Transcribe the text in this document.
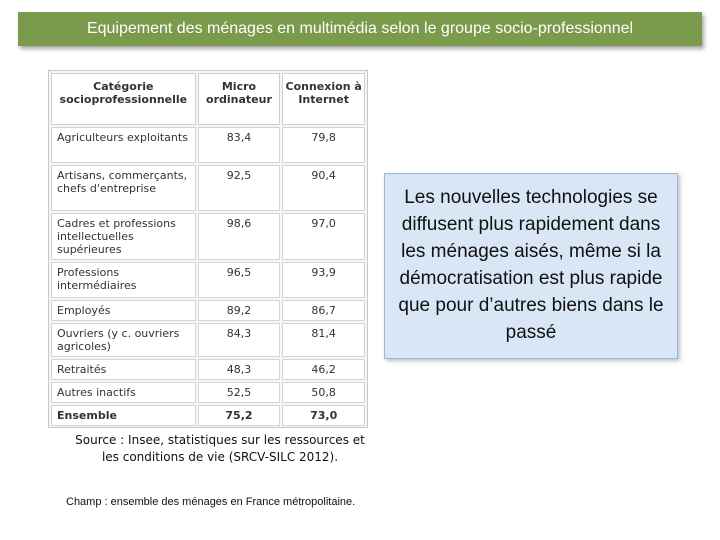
Equipement des ménages en multimédia selon le groupe socio-professionnel
Catégorie socioprofessionnelle	Micro ordinateur	Connexion à Internet
Agriculteurs exploitants	83,4	79,8
Artisans, commerçants, chefs d'entreprise	92,5	90,4
Cadres et professions intellectuelles supérieures	98,6	97,0
Professions intermédiaires	96,5	93,9
Employés	89,2	86,7
Ouvriers (y c. ouvriers agricoles)	84,3	81,4
Retraités	48,3	46,2
Autres inactifs	52,5	50,8
Ensemble	75,2	73,0
Les nouvelles technologies se diffusent plus rapidement dans les ménages aisés, même si la démocratisation est plus rapide que pour d’autres biens dans le passé
Source : Insee, statistiques sur les ressources et les conditions de vie (SRCV-SILC 2012).
Champ : ensemble des ménages en France métropolitaine.
